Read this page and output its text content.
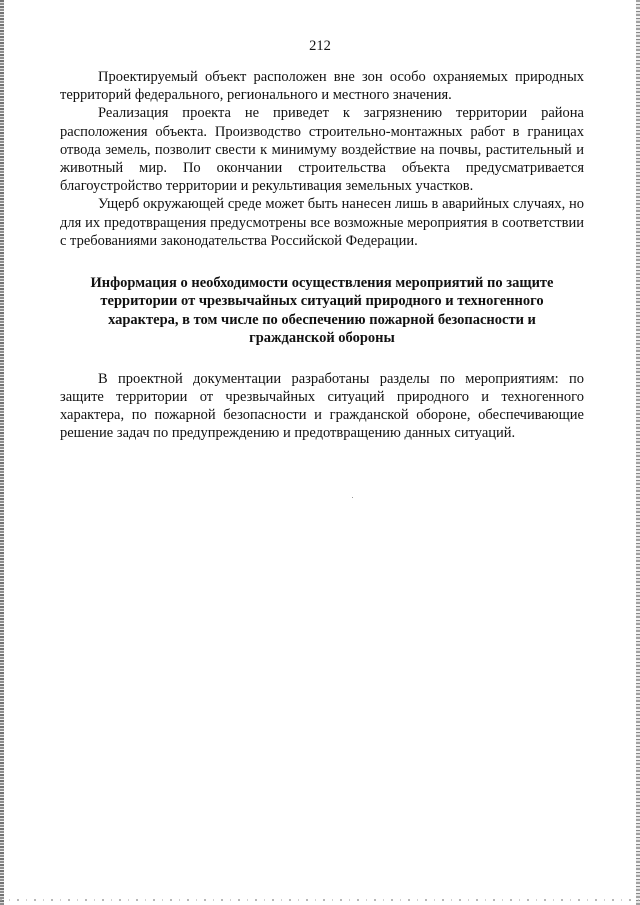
212

Проектируемый объект расположен вне зон особо охраняемых природных территорий федерального, регионального и местного значения.

Реализация проекта не приведет к загрязнению территории района расположения объекта. Производство строительно-монтажных работ в границах отвода земель, позволит свести к минимуму воздействие на почвы, растительный и животный мир. По окончании строительства объекта предусматривается благоустройство территории и рекультивация земельных участков.

Ущерб окружающей среде может быть нанесен лишь в аварийных случаях, но для их предотвращения предусмотрены все возможные мероприятия в соответствии с требованиями законодательства Российской Федерации.

Информация о необходимости осуществления мероприятий по защите территории от чрезвычайных ситуаций природного и техногенного характера, в том числе по обеспечению пожарной безопасности и гражданской обороны

В проектной документации разработаны разделы по мероприятиям: по защите территории от чрезвычайных ситуаций природного и техногенного характера, по пожарной безопасности и гражданской обороне, обеспечивающие решение задач по предупреждению и предотвращению данных ситуаций.
